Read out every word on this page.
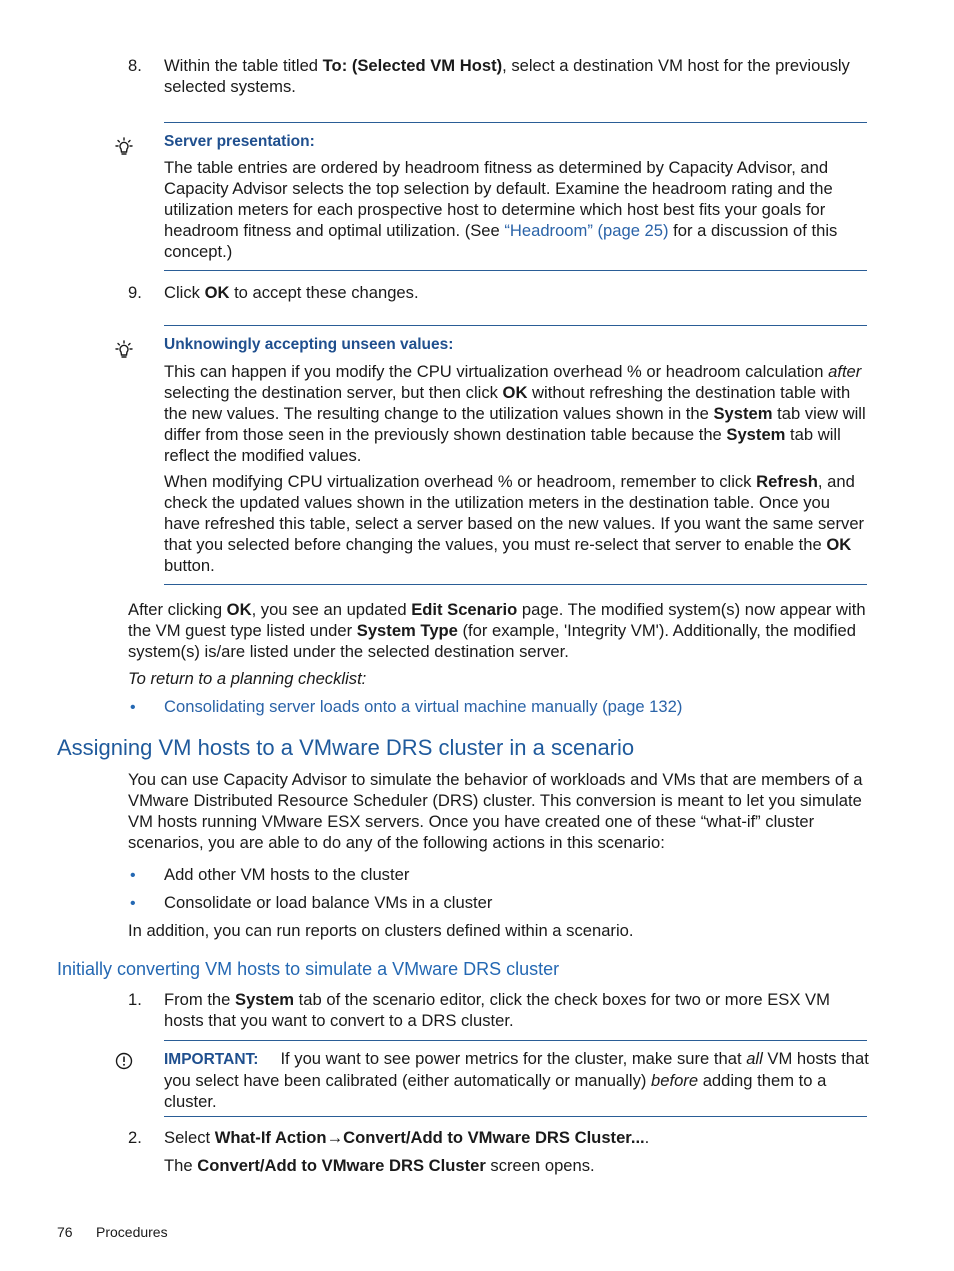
8. Within the table titled To: (Selected VM Host), select a destination VM host for the previously selected systems.
Server presentation:
The table entries are ordered by headroom fitness as determined by Capacity Advisor, and Capacity Advisor selects the top selection by default. Examine the headroom rating and the utilization meters for each prospective host to determine which host best fits your goals for headroom fitness and optimal utilization. (See “Headroom” (page 25) for a discussion of this concept.)
9. Click OK to accept these changes.
Unknowingly accepting unseen values:
This can happen if you modify the CPU virtualization overhead % or headroom calculation after selecting the destination server, but then click OK without refreshing the destination table with the new values. The resulting change to the utilization values shown in the System tab view will differ from those seen in the previously shown destination table because the System tab will reflect the modified values.
When modifying CPU virtualization overhead % or headroom, remember to click Refresh, and check the updated values shown in the utilization meters in the destination table. Once you have refreshed this table, select a server based on the new values. If you want the same server that you selected before changing the values, you must re-select that server to enable the OK button.
After clicking OK, you see an updated Edit Scenario page. The modified system(s) now appear with the VM guest type listed under System Type (for example, 'Integrity VM'). Additionally, the modified system(s) is/are listed under the selected destination server.
To return to a planning checklist:
• Consolidating server loads onto a virtual machine manually (page 132)
Assigning VM hosts to a VMware DRS cluster in a scenario
You can use Capacity Advisor to simulate the behavior of workloads and VMs that are members of a VMware Distributed Resource Scheduler (DRS) cluster. This conversion is meant to let you simulate VM hosts running VMware ESX servers. Once you have created one of these “what-if” cluster scenarios, you are able to do any of the following actions in this scenario:
• Add other VM hosts to the cluster
• Consolidate or load balance VMs in a cluster
In addition, you can run reports on clusters defined within a scenario.
Initially converting VM hosts to simulate a VMware DRS cluster
1. From the System tab of the scenario editor, click the check boxes for two or more ESX VM hosts that you want to convert to a DRS cluster.
IMPORTANT: If you want to see power metrics for the cluster, make sure that all VM hosts that you select have been calibrated (either automatically or manually) before adding them to a cluster.
2. Select What-If Action→Convert/Add to VMware DRS Cluster....
The Convert/Add to VMware DRS Cluster screen opens.
76 Procedures
